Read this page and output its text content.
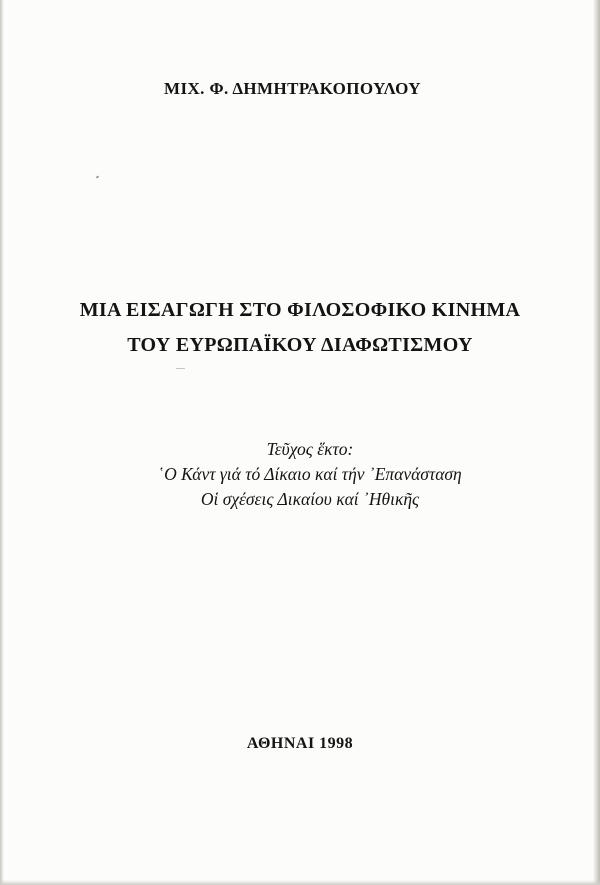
ΜΙΧ. Φ. ΔΗΜΗΤΡΑΚΟΠΟΥΛΟΥ
ΜΙΑ ΕΙΣΑΓΩΓΗ ΣΤΟ ΦΙΛΟΣΟΦΙΚΟ ΚΙΝΗΜΑ
ΤΟΥ ΕΥΡΩΠΑΪΚΟΥ ΔΙΑΦΩΤΙΣΜΟΥ
Τεῦχος ἕκτο:
῾Ο Κάντ γιά τό Δίκαιο καί τήν ᾿Επανάσταση
Οἱ σχέσεις Δικαίου καί ᾿Ηθικῆς
ΑΘΗΝΑΙ 1998
